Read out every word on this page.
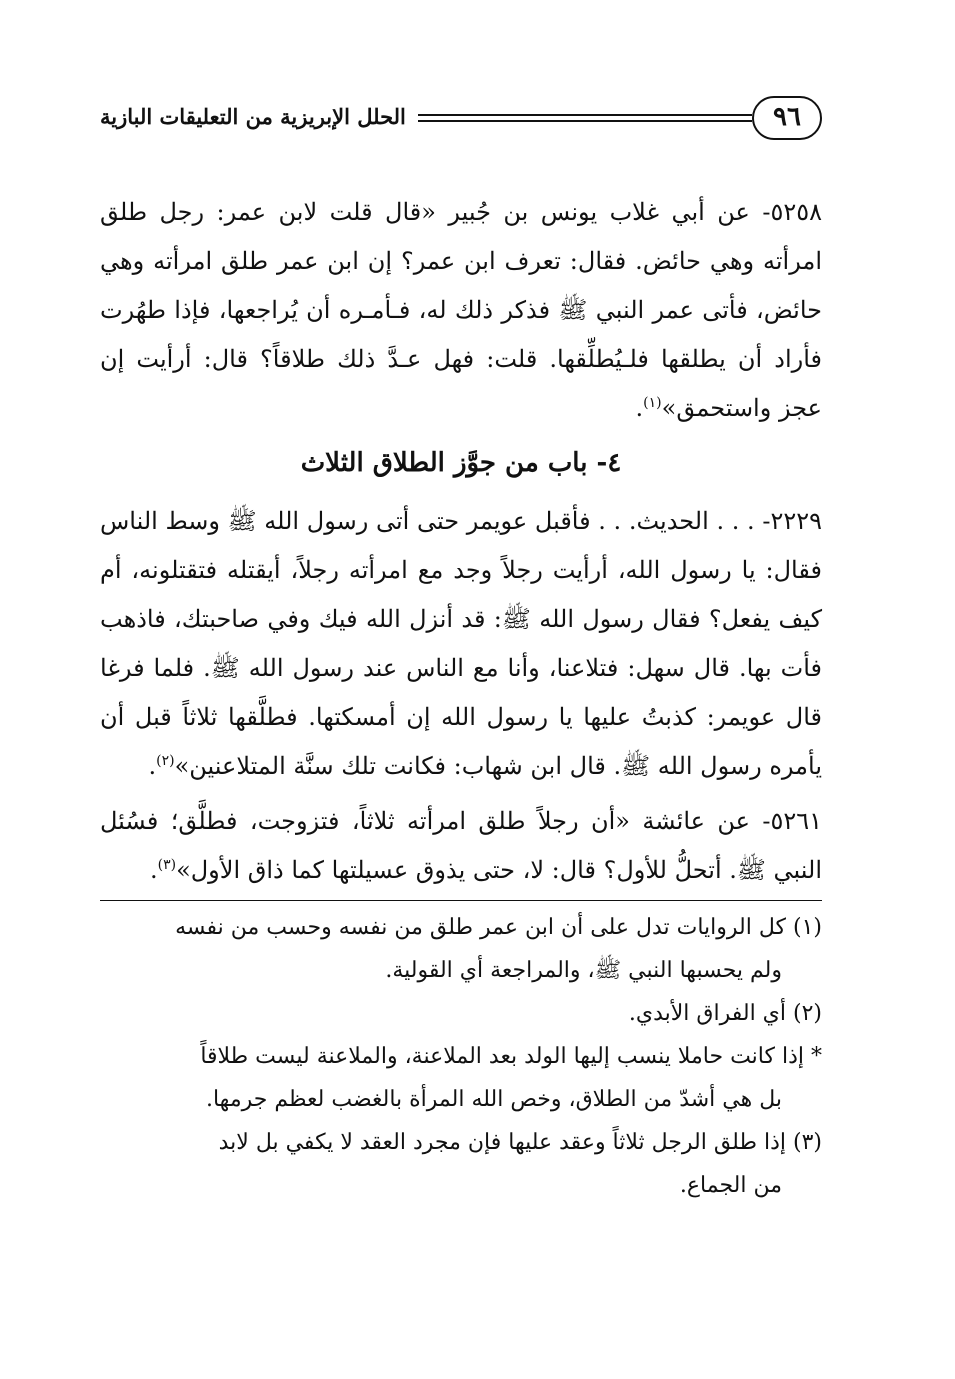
٩٦
الحلل الإبريزية من التعليقات البازية

٥٢٥٨- عن أبي غلاب يونس بن جُبير «قال قلت لابن عمر: رجل طلق امرأته وهي حائض. فقال: تعرف ابن عمر؟ إن ابن عمر طلق امرأته وهي حائض، فأتى عمر النبي ﷺ فذكر ذلك له، فـأمـره أن يُراجعها، فإذا طهُرت فأراد أن يطلقها فلـيُطلِّقها. قلت: فهل عـدَّ ذلك طلاقاً؟ قال: أرأيت إن عجز واستحمق»$^{(١)}$.

٤- باب من جوَّز الطلاق الثلاث

٢٢٢٩- . . . الحديث. . . فأقبل عويمر حتى أتى رسول الله ﷺ وسط الناس فقال: يا رسول الله، أرأيت رجلاً وجد مع امرأته رجلاً، أيقتله فتقتلونه، أم كيف يفعل؟ فقال رسول الله ﷺ: قد أنزل الله فيك وفي صاحبتك، فاذهب فأت بها. قال سهل: فتلاعنا، وأنا مع الناس عند رسول الله ﷺ. فلما فرغا قال عويمر: كذبتُ عليها يا رسول الله إن أمسكتها. فطلَّقها ثلاثاً قبل أن يأمره رسول الله ﷺ. قال ابن شهاب: فكانت تلك سنَّة المتلاعنين»$^{(٢)}$.

٥٢٦١- عن عائشة «أن رجلاً طلق امرأته ثلاثاً، فتزوجت، فطلَّق؛ فسُئل النبي ﷺ. أتحلُّ للأول؟ قال: لا، حتى يذوق عسيلتها كما ذاق الأول»$^{(٣)}$.

(١) كل الروايات تدل على أن ابن عمر طلق من نفسه وحسب من نفسه
ولم يحسبها النبي ﷺ، والمراجعة أي القولية.

(٢) أي الفراق الأبدي.

* إذا كانت حاملا ينسب إليها الولد بعد الملاعنة، والملاعنة ليست طلاقاً
بل هي أشدّ من الطلاق، وخص الله المرأة بالغضب لعظم جرمها.

(٣) إذا طلق الرجل ثلاثاً وعقد عليها فإن مجرد العقد لا يكفي بل لابد
من الجماع.
